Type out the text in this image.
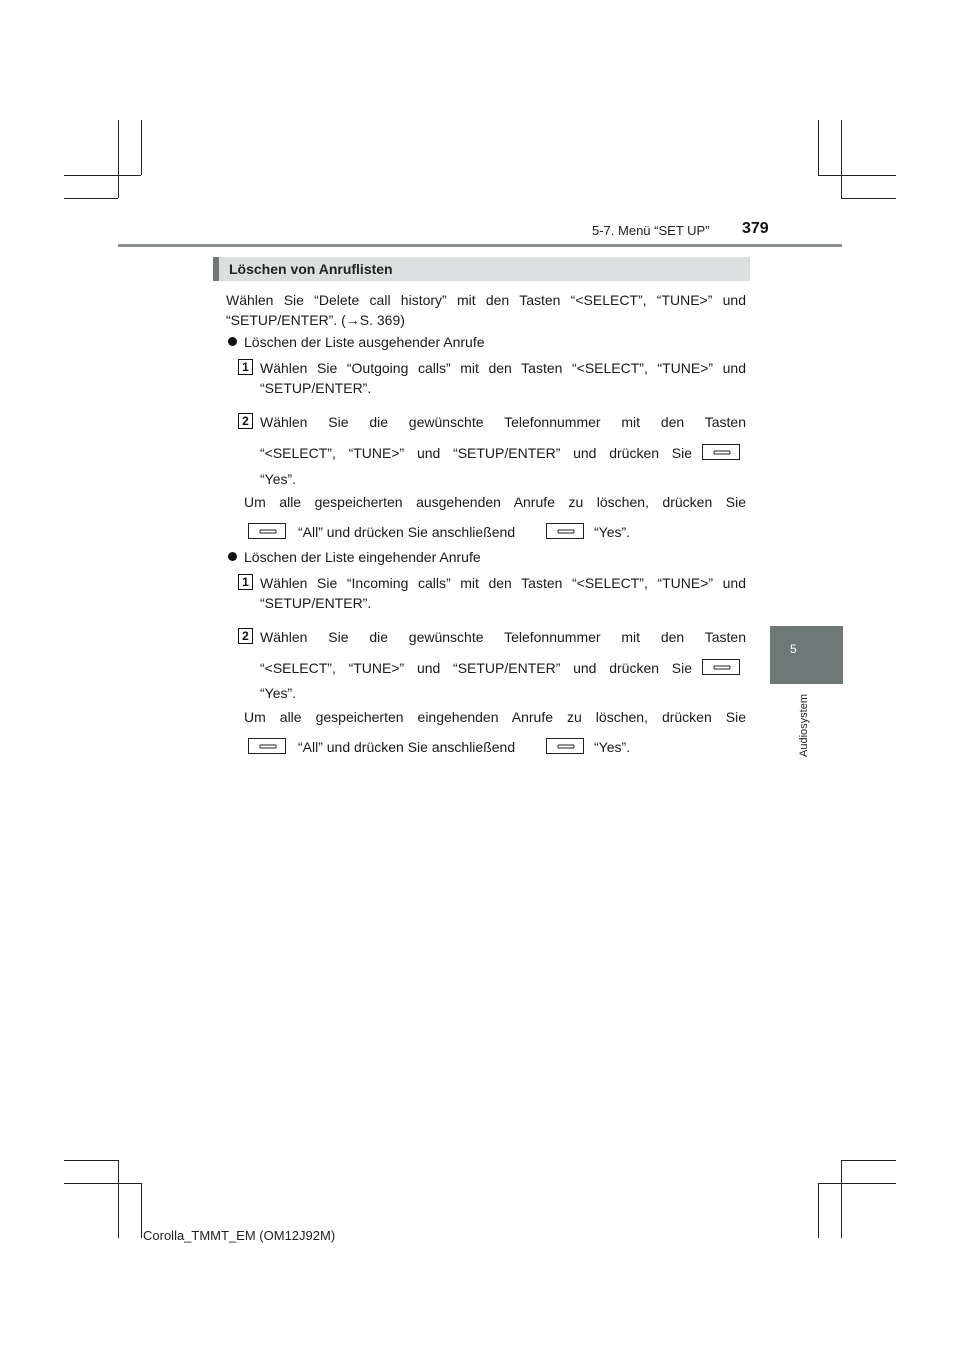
5-7. Menü “SET UP” 379
5
Audiosystem
Löschen von Anruflisten
Wählen Sie “Delete call history” mit den Tasten “<SELECT”, “TUNE>” und
“SETUP/ENTER”. (→S. 369)
Löschen der Liste ausgehender Anrufe
1 Wählen Sie “Outgoing calls” mit den Tasten “<SELECT”, “TUNE>” und
“SETUP/ENTER”.
2 Wählen Sie die gewünschte Telefonnummer mit den Tasten
“<SELECT”, “TUNE>” und “SETUP/ENTER” und drücken Sie
“Yes”.
Um alle gespeicherten ausgehenden Anrufe zu löschen, drücken Sie
“All” und drücken Sie anschließend	“Yes”.
Löschen der Liste eingehender Anrufe
1 Wählen Sie “Incoming calls” mit den Tasten “<SELECT”, “TUNE>” und
“SETUP/ENTER”.
2 Wählen Sie die gewünschte Telefonnummer mit den Tasten
“<SELECT”, “TUNE>” und “SETUP/ENTER” und drücken Sie
“Yes”.
Um alle gespeicherten eingehenden Anrufe zu löschen, drücken Sie
“All” und drücken Sie anschließend	“Yes”.
Corolla_TMMT_EM (OM12J92M)
